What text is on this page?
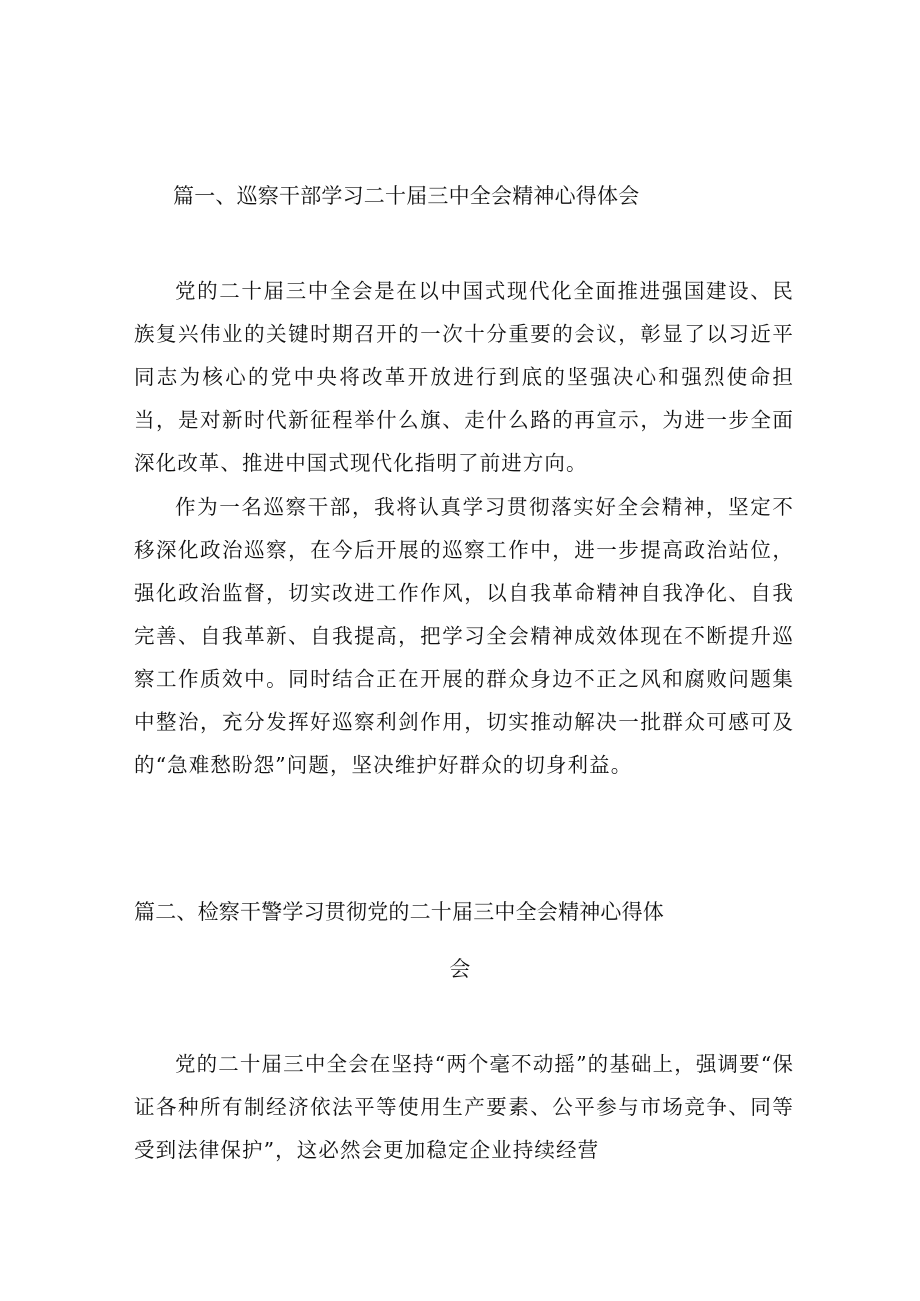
篇一、巡察干部学习二十届三中全会精神心得体会

党的二十届三中全会是在以中国式现代化全面推进强国建设、民族复兴伟业的关键时期召开的一次十分重要的会议，彰显了以习近平同志为核心的党中央将改革开放进行到底的坚强决心和强烈使命担当，是对新时代新征程举什么旗、走什么路的再宣示，为进一步全面深化改革、推进中国式现代化指明了前进方向。

作为一名巡察干部，我将认真学习贯彻落实好全会精神，坚定不移深化政治巡察，在今后开展的巡察工作中，进一步提高政治站位，强化政治监督，切实改进工作作风，以自我革命精神自我净化、自我完善、自我革新、自我提高，把学习全会精神成效体现在不断提升巡察工作质效中。同时结合正在开展的群众身边不正之风和腐败问题集中整治，充分发挥好巡察利剑作用，切实推动解决一批群众可感可及的“急难愁盼怨”问题，坚决维护好群众的切身利益。

篇二、检察干警学习贯彻党的二十届三中全会精神心得体
会

党的二十届三中全会在坚持“两个毫不动摇”的基础上，强调要“保证各种所有制经济依法平等使用生产要素、公平参与市场竞争、同等受到法律保护”，这必然会更加稳定企业持续经营
